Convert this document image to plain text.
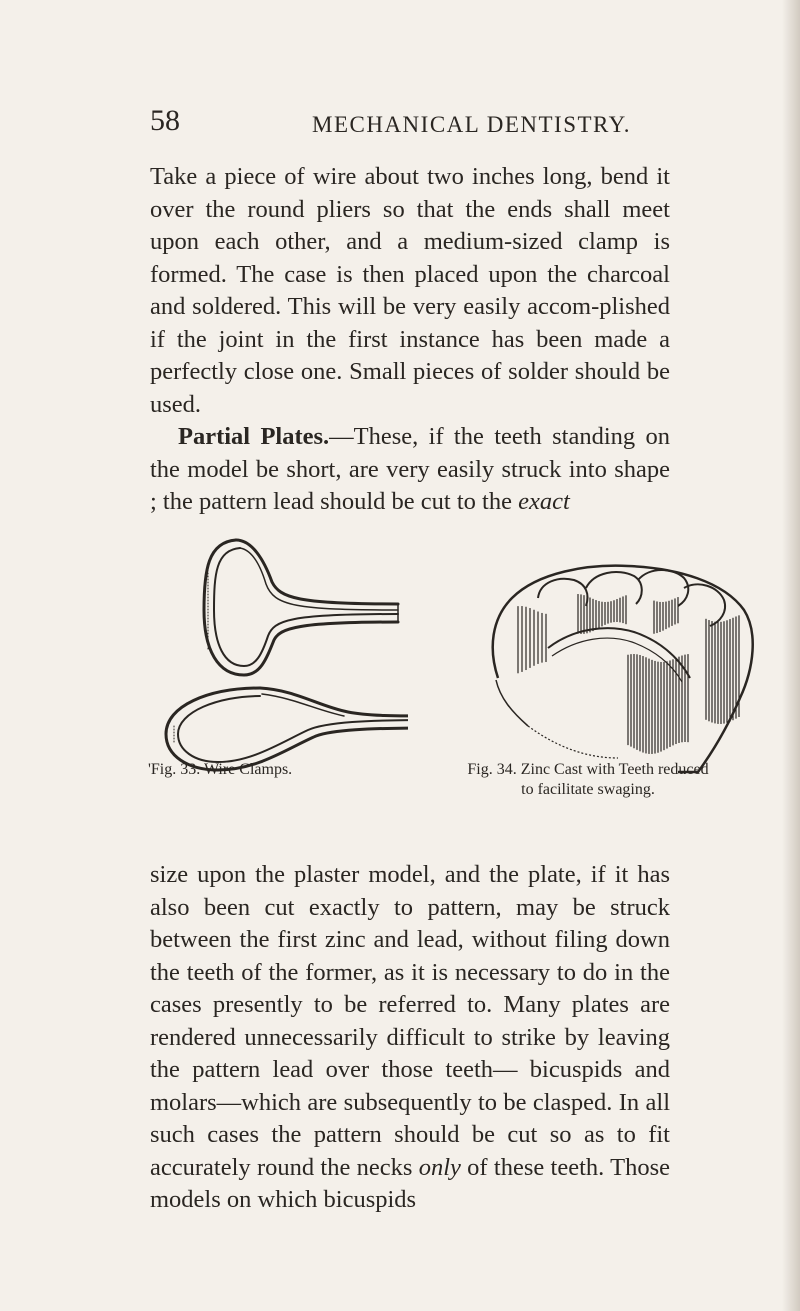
58	MECHANICAL DENTISTRY.

Take a piece of wire about two inches long, bend it over the round pliers so that the ends shall meet upon each other, and a medium-sized clamp is formed. The case is then placed upon the charcoal and soldered. This will be very easily accom-plished if the joint in the first instance has been made a perfectly close one. Small pieces of solder should be used.

Partial Plates.—These, if the teeth standing on the model be short, are very easily struck into shape ; the pattern lead should be cut to the exact

'Fig. 33. Wire Clamps.	Fig. 34. Zinc Cast with Teeth reduced
to facilitate swaging.

size upon the plaster model, and the plate, if it has also been cut exactly to pattern, may be struck between the first zinc and lead, without filing down the teeth of the former, as it is necessary to do in the cases presently to be referred to. Many plates are rendered unnecessarily difficult to strike by leaving the pattern lead over those teeth— bicuspids and molars—which are subsequently to be clasped. In all such cases the pattern should be cut so as to fit accurately round the necks only of these teeth. Those models on which bicuspids
